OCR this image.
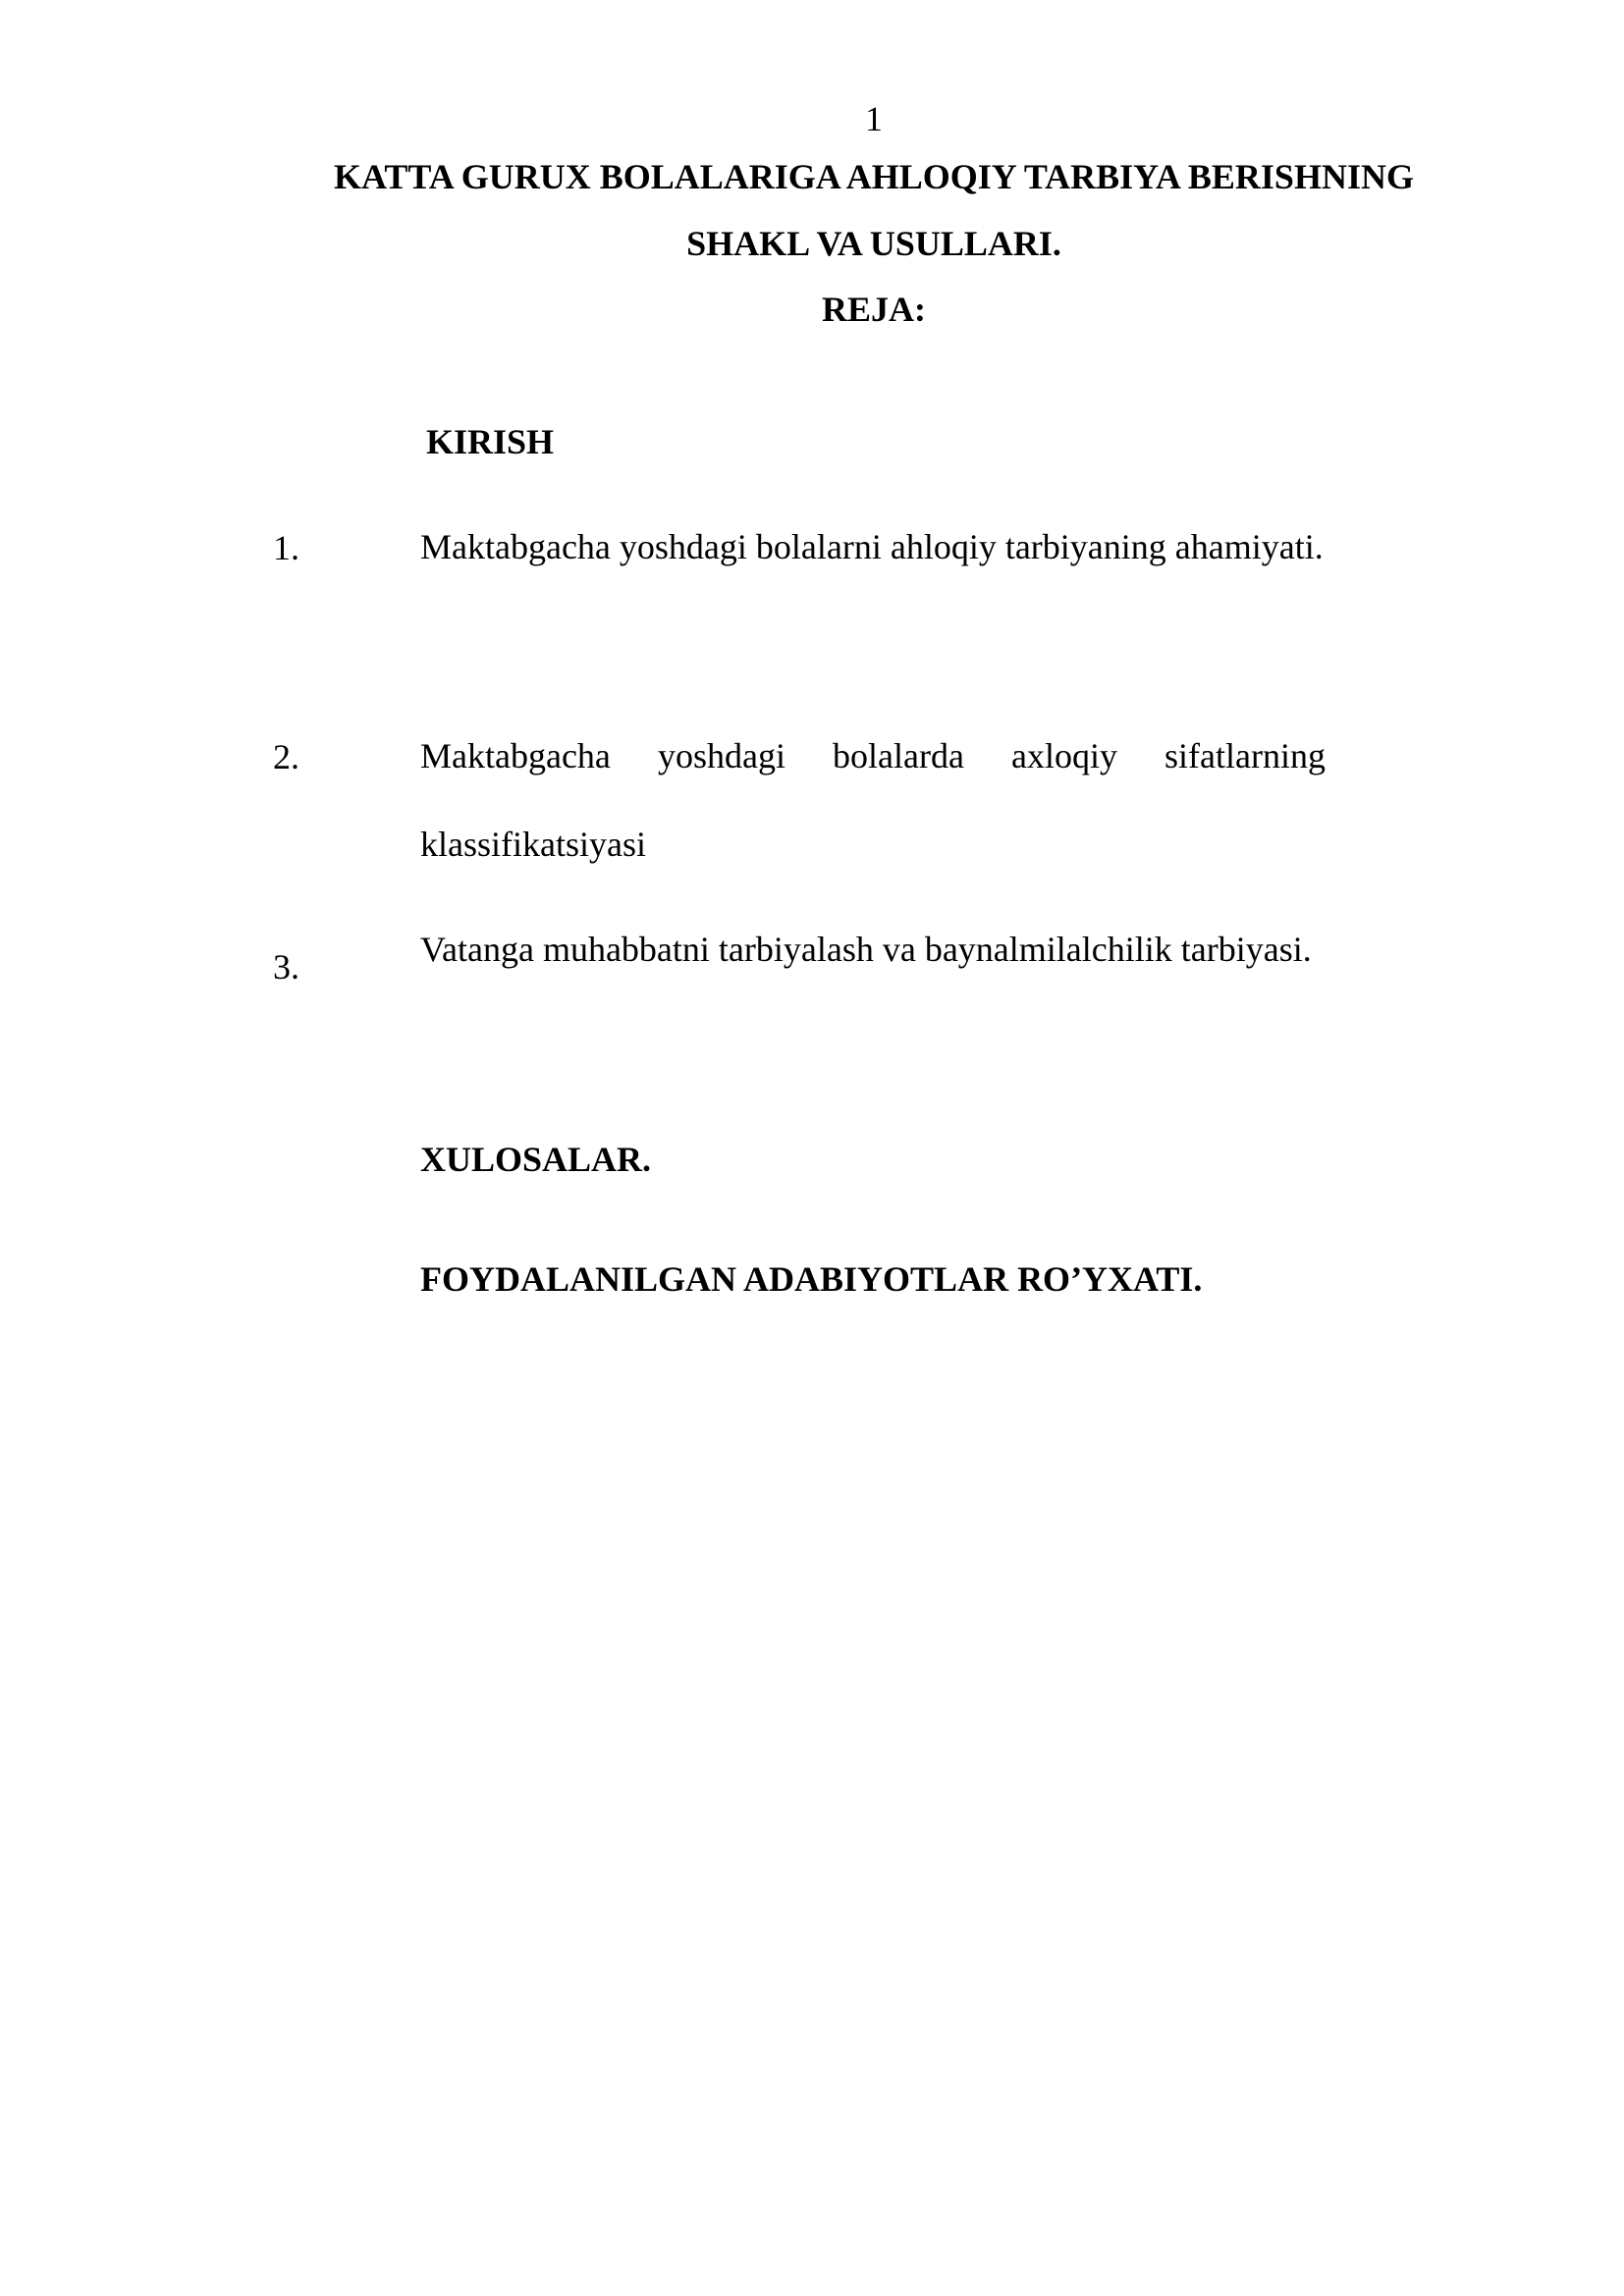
1
KATTA GURUX BOLALARIGA AHLOQIY TARBIYA BERISHNING
SHAKL VA USULLARI.
REJA:
KIRISH
1.	Maktabgacha yoshdagi bolalarni ahloqiy tarbiyaning ahamiyati.
2.	Maktabgacha yoshdagi bolalarda axloqiy sifatlarning klassifikatsiyasi
3.	Vatanga muhabbatni tarbiyalash va baynalmilalchilik tarbiyasi.
XULOSALAR.
FOYDALANILGAN ADABIYOTLAR RO’YXATI.
